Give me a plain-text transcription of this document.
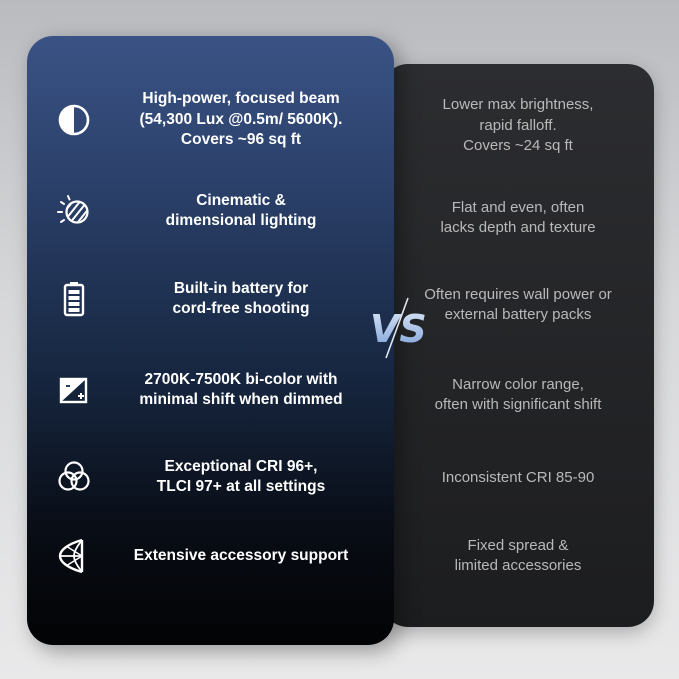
High-power, focused beam
(54,300 Lux @0.5m/ 5600K).
Covers ~96 sq ft
Lower max brightness,
rapid falloff.
Covers ~24 sq ft
Cinematic &
dimensional lighting
Flat and even, often
lacks depth and texture
Built-in battery for
cord-free shooting
Often requires wall power or
external battery packs
2700K-7500K bi-color with
minimal shift when dimmed
Narrow color range,
often with significant shift
Exceptional CRI 96+,
TLCI 97+ at all settings
Inconsistent CRI 85-90
Extensive accessory support
Fixed spread &
limited accessories
VS
